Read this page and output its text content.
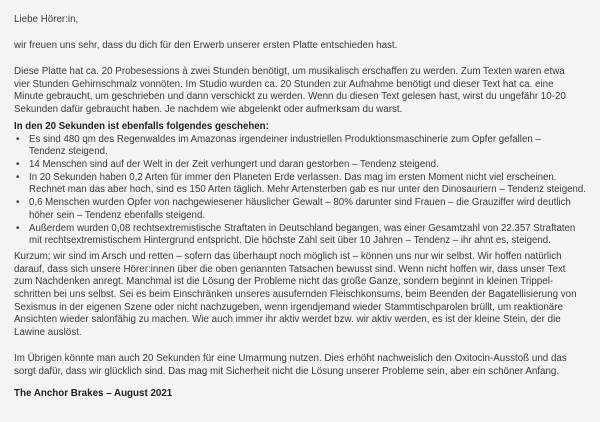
Liebe Hörer:in,
wir freuen uns sehr, dass du dich für den Erwerb unserer ersten Platte entschieden hast.
Diese Platte hat ca. 20 Probesessions à zwei Stunden benötigt, um musikalisch erschaffen zu werden. Zum Texten waren etwa
vier Stunden Gehirnschmalz vonnöten. Im Studio wurden ca. 20 Stunden zur Aufnahme benötigt und dieser Text hat ca. eine
Minute gebraucht, um geschrieben und dann verschickt zu werden. Wenn du diesen Text gelesen hast, wirst du ungefähr 10-20
Sekunden dafür gebraucht haben. Je nachdem wie abgelenkt oder aufmerksam du warst.
In den 20 Sekunden ist ebenfalls folgendes geschehen:
• Es sind 480 qm des Regenwaldes im Amazonas irgendeiner industriellen Produktionsmaschinerie zum Opfer gefallen –
Tendenz steigend.
• 14 Menschen sind auf der Welt in der Zeit verhungert und daran gestorben – Tendenz steigend.
• In 20 Sekunden haben 0,2 Arten für immer den Planeten Erde verlassen. Das mag im ersten Moment nicht viel erscheinen.
Rechnet man das aber hoch, sind es 150 Arten täglich. Mehr Artensterben gab es nur unter den Dinosauriern – Tendenz steigend.
• 0,6 Menschen wurden Opfer von nachgewiesener häuslicher Gewalt – 80% darunter sind Frauen – die Grauziffer wird deutlich
höher sein – Tendenz ebenfalls steigend.
• Außerdem wurden 0,08 rechtsextremistische Straftaten in Deutschland begangen, was einer Gesamtzahl von 22.357 Straftaten
mit rechtsextremistischem Hintergrund entspricht. Die höchste Zahl seit über 10 Jahren – Tendenz – ihr ahnt es, steigend.
Kurzum; wir sind im Arsch und retten – sofern das überhaupt noch möglich ist – können uns nur wir selbst. Wir hoffen natürlich
darauf, dass sich unsere Hörer:innen über die oben genannten Tatsachen bewusst sind. Wenn nicht hoffen wir, dass unser Text
zum Nachdenken anregt. Manchmal ist die Lösung der Probleme nicht das große Ganze, sondern beginnt in kleinen Trippel-
schritten bei uns selbst. Sei es beim Einschränken unseres ausufernden Fleischkonsums, beim Beenden der Bagatellisierung von
Sexismus in der eigenen Szene oder nicht nachzugeben, wenn irgendjemand wieder Stammtischparolen brüllt, um reaktionäre
Ansichten wieder salonfähig zu machen. Wie auch immer ihr aktiv werdet bzw. wir aktiv werden, es ist der kleine Stein, der die
Lawine auslöst.
Im Übrigen könnte man auch 20 Sekunden für eine Umarmung nutzen. Dies erhöht nachweislich den Oxitocin-Ausstoß und das
sorgt dafür, dass wir glücklich sind. Das mag mit Sicherheit nicht die Lösung unserer Probleme sein, aber ein schöner Anfang.
The Anchor Brakes – August 2021
